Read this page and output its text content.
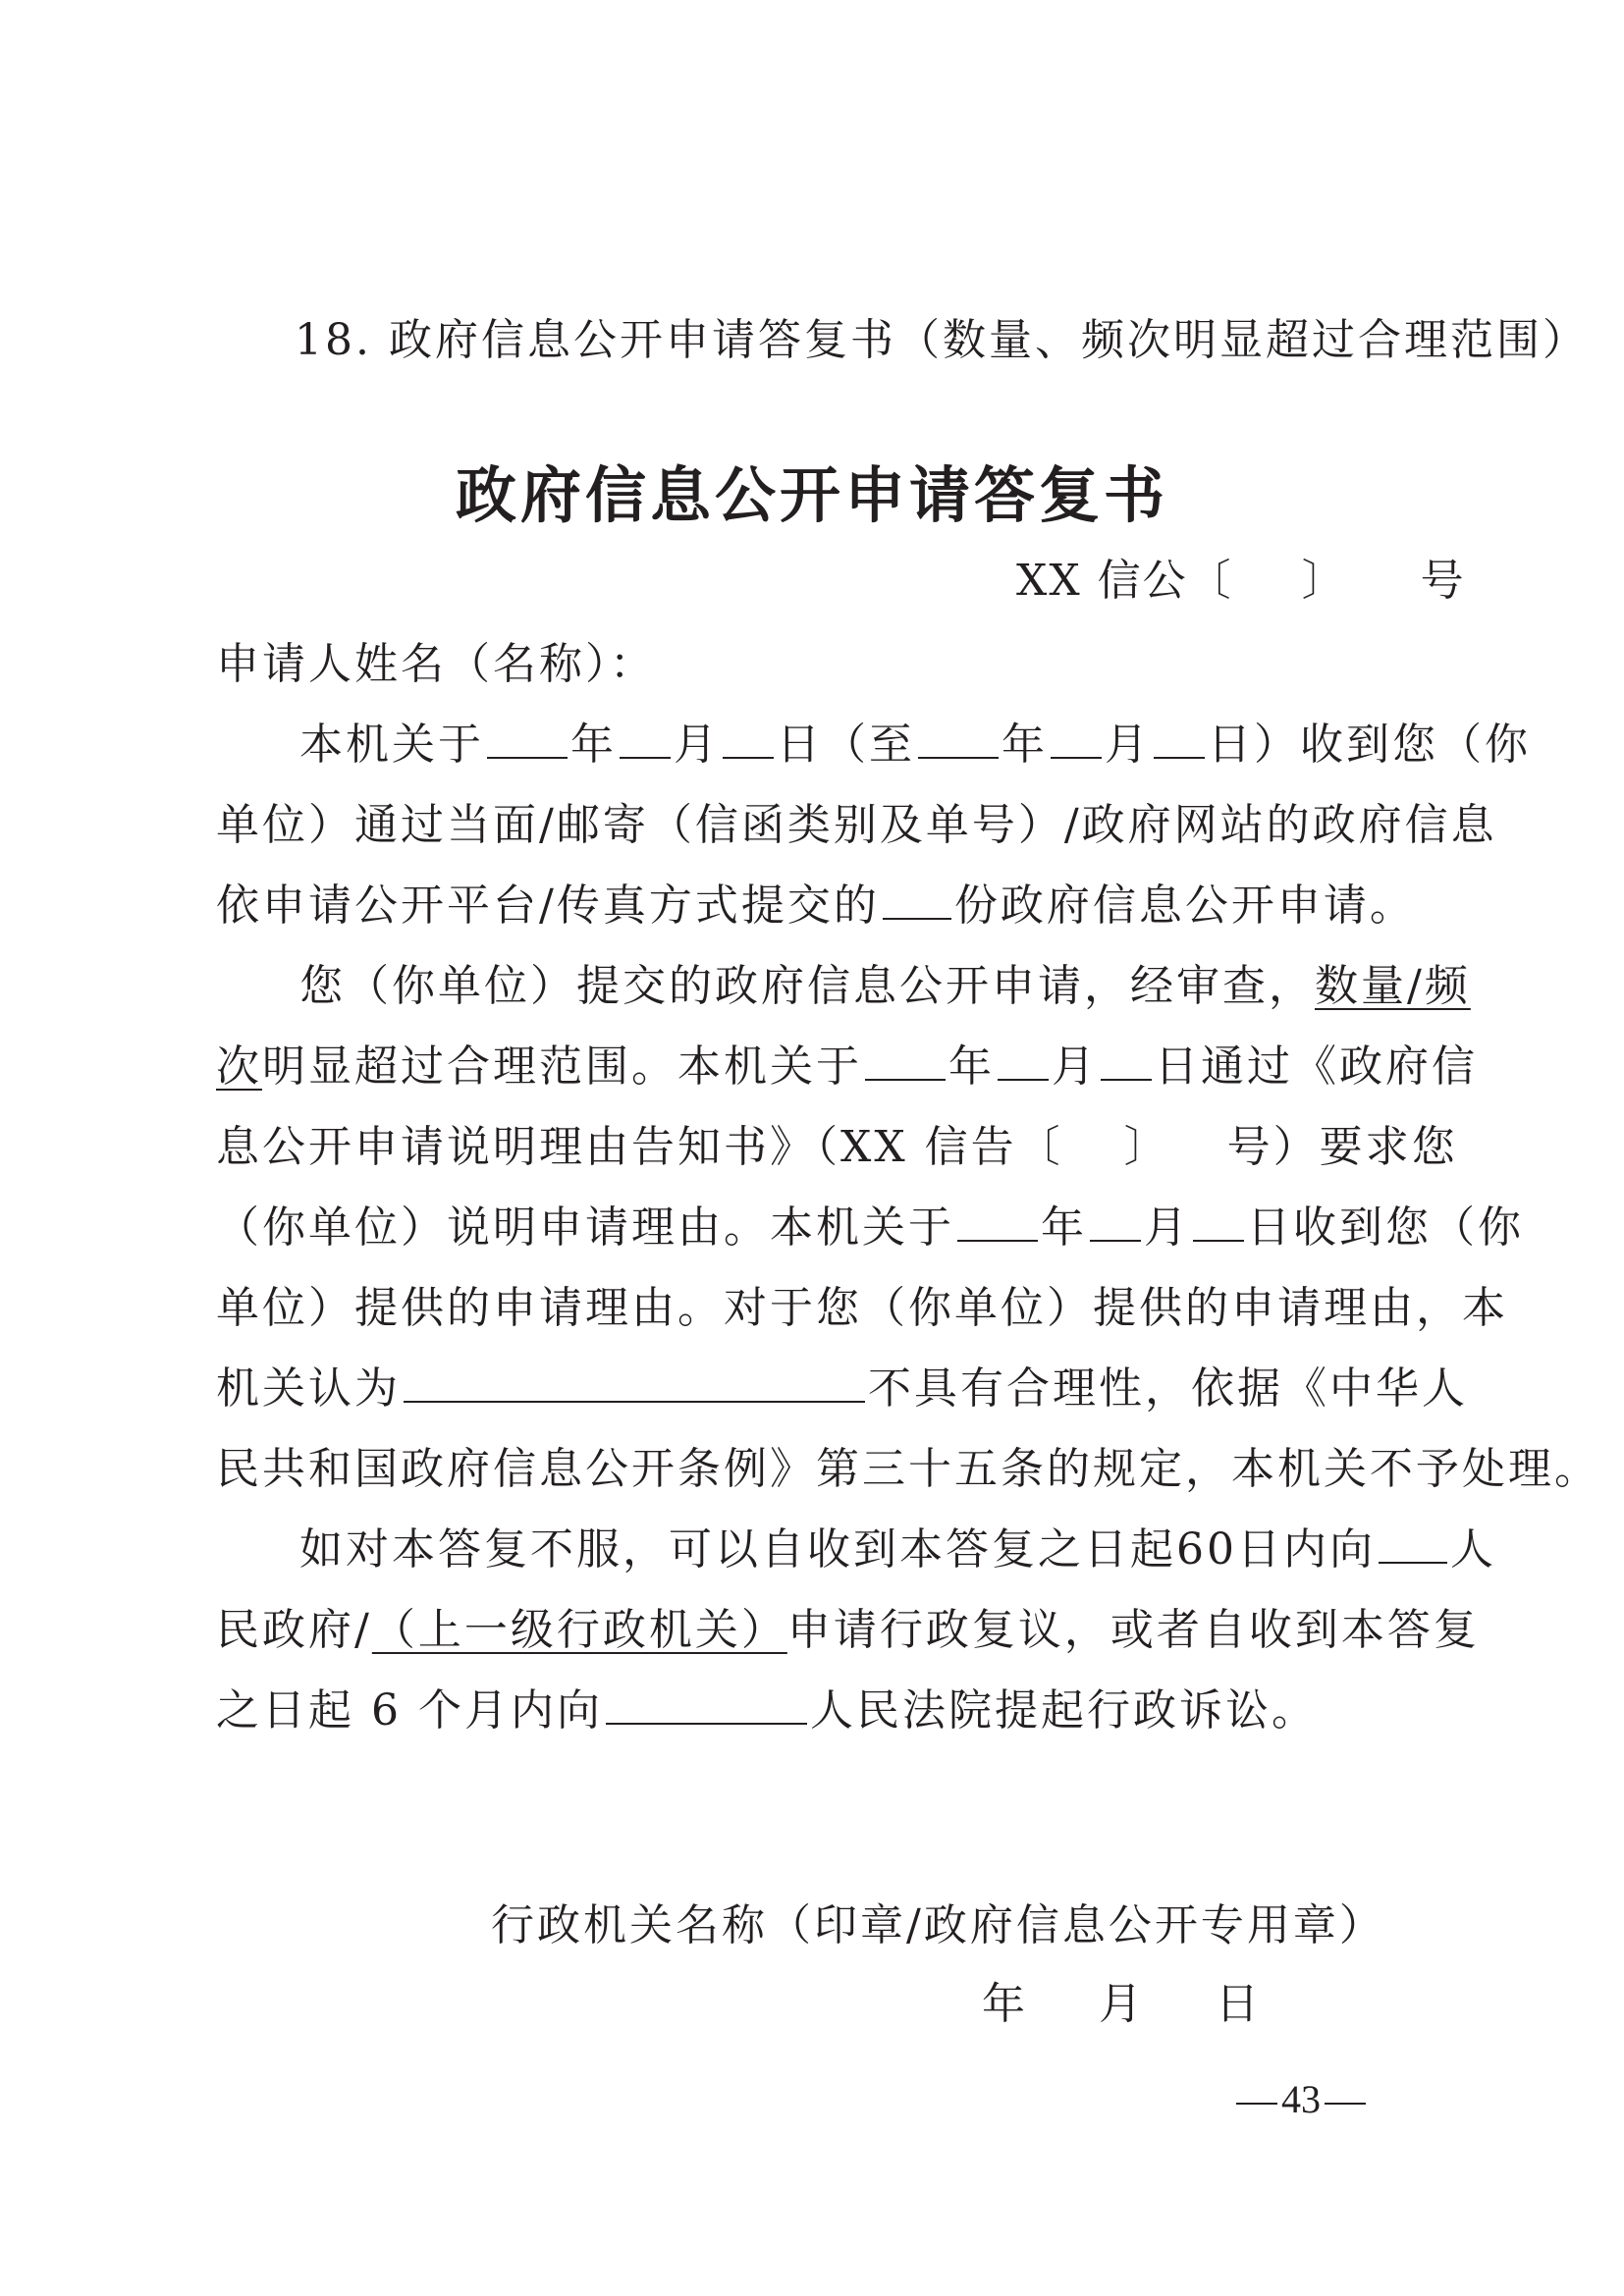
18. 政府信息公开申请答复书（数量、频次明显超过合理范围）
政府信息公开申请答复书
XX 信公〔 〕 号
申请人姓名（名称）：
本机关于 年 月 日（至 年 月 日）收到您（你
单位）通过当面/邮寄（信函类别及单号）/政府网站的政府信息
依申请公开平台/传真方式提交的 份政府信息公开申请。
您（你单位）提交的政府信息公开申请，经审查，数量/频
次明显超过合理范围。本机关于 年 月 日通过《政府信
息公开申请说明理由告知书》（XX 信告〔 〕 号）要求您
（你单位）说明申请理由。本机关于 年 月 日收到您（你
单位）提供的申请理由。对于您（你单位）提供的申请理由，本
机关认为	不具有合理性，依据《中华人
民共和国政府信息公开条例》第三十五条的规定，本机关不予处理。
如对本答复不服，可以自收到本答复之日起60日内向 人
民政府/（上一级行政机关）申请行政复议，或者自收到本答复
之日起 6 个月内向	人民法院提起行政诉讼。
行政机关名称（印章/政府信息公开专用章）
年 月 日
43
